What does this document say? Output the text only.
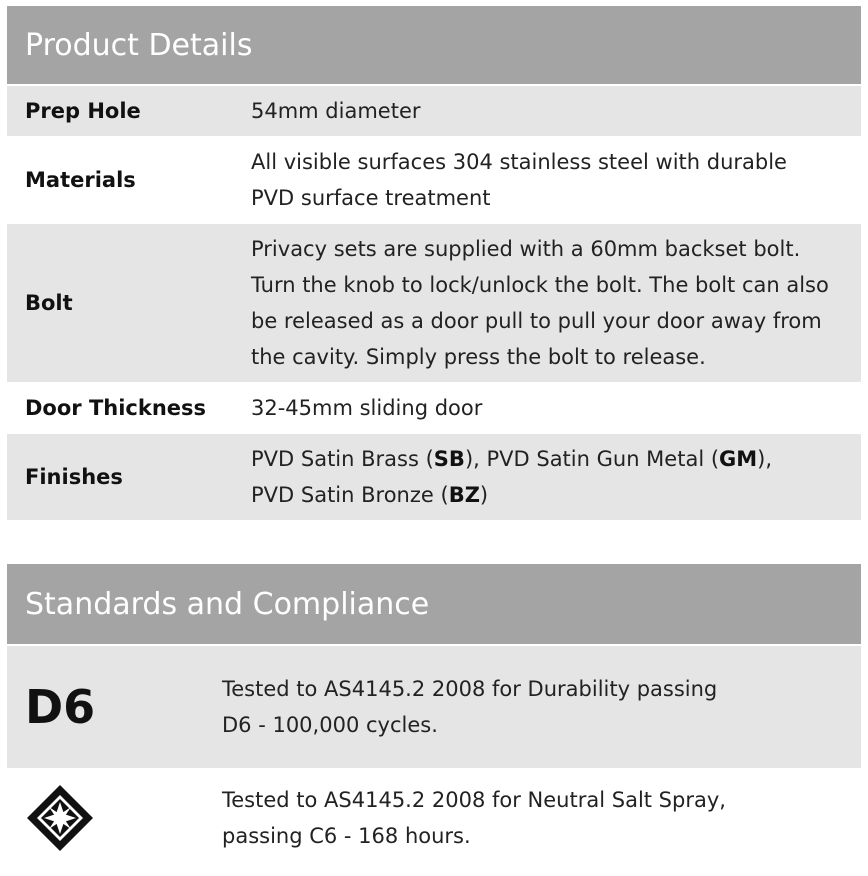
Product Details
Prep Hole	54mm diameter
Materials
All visible surfaces 304 stainless steel with durable PVD surface treatment
Bolt
Privacy sets are supplied with a 60mm backset bolt. Turn the knob to lock/unlock the bolt. The bolt can also be released as a door pull to pull your door away from the cavity. Simply press the bolt to release.
Door Thickness 32-45mm sliding door
Finishes
PVD Satin Brass (SB), PVD Satin Gun Metal (GM),
PVD Satin Bronze (BZ)
Standards and Compliance
D6	Tested to AS4145.2 2008 for Durability passing
D6 - 100,000 cycles.
Tested to AS4145.2 2008 for Neutral Salt Spray,
passing C6 - 168 hours.
